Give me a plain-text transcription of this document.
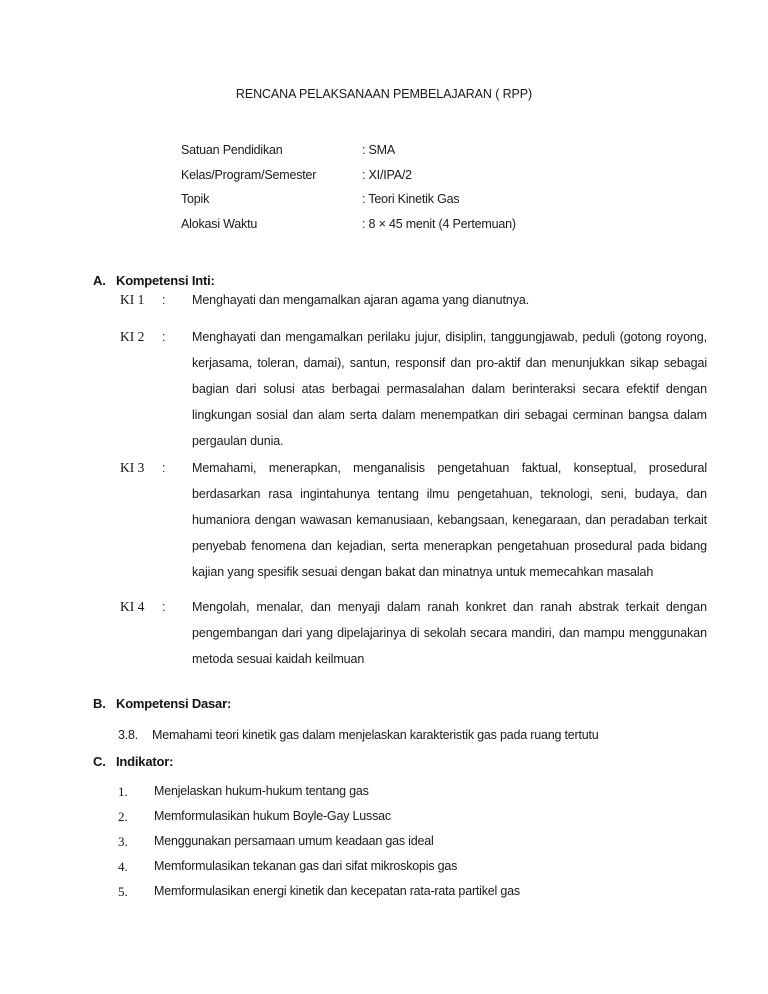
RENCANA PELAKSANAAN PEMBELAJARAN ( RPP)
Satuan Pendidikan	: SMA
Kelas/Program/Semester	: XI/IPA/2
Topik	: Teori Kinetik Gas
Alokasi Waktu	: 8 × 45 menit (4 Pertemuan)
A. Kompetensi Inti:
KI 1	:	Menghayati dan mengamalkan ajaran agama yang dianutnya.

KI 2	:	Menghayati dan mengamalkan perilaku jujur, disiplin, tanggungjawab, peduli (gotong royong, kerjasama, toleran, damai), santun, responsif dan pro-aktif dan menunjukkan sikap sebagai bagian dari solusi atas berbagai permasalahan dalam berinteraksi secara efektif dengan lingkungan sosial dan alam serta dalam menempatkan diri sebagai cerminan bangsa dalam pergaulan dunia.

KI 3	:	Memahami, menerapkan, menganalisis pengetahuan faktual, konseptual, prosedural berdasarkan rasa ingintahunya tentang ilmu pengetahuan, teknologi, seni, budaya, dan humaniora dengan wawasan kemanusiaan, kebangsaan, kenegaraan, dan peradaban terkait penyebab fenomena dan kejadian, serta menerapkan pengetahuan prosedural pada bidang kajian yang spesifik sesuai dengan bakat dan minatnya untuk memecahkan masalah

KI 4	:	Mengolah, menalar, dan menyaji dalam ranah konkret dan ranah abstrak terkait dengan pengembangan dari yang dipelajarinya di sekolah secara mandiri, dan mampu menggunakan metoda sesuai kaidah keilmuan

B. Kompetensi Dasar:
3.8.	Memahami teori kinetik gas dalam menjelaskan karakteristik gas pada ruang tertutu
C. Indikator:
1.	Menjelaskan hukum-hukum tentang gas
2.	Memformulasikan hukum Boyle-Gay Lussac
3.	Menggunakan persamaan umum keadaan gas ideal
4.	Memformulasikan tekanan gas dari sifat mikroskopis gas
5.	Memformulasikan energi kinetik dan kecepatan rata-rata partikel gas
